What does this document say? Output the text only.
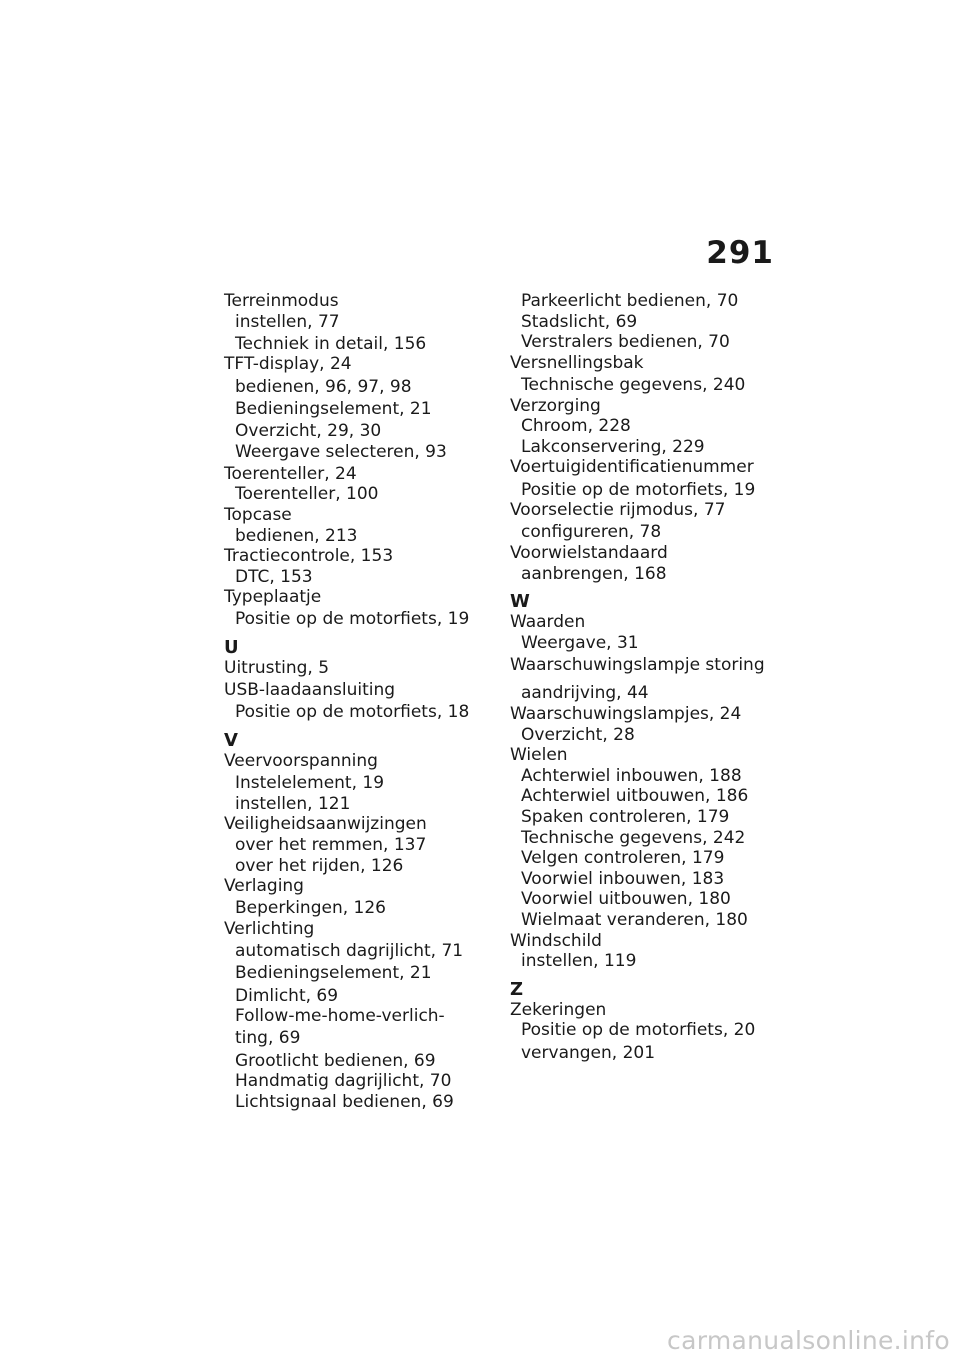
291
Terreinmodus
instellen, 77
Techniek in detail, 156
TFT-display, 24
bedienen, 96, 97, 98
Bedieningselement, 21
Overzicht, 29, 30
Weergave selecteren, 93
Toerenteller, 24
Toerenteller, 100
Topcase
bedienen, 213
Tractiecontrole, 153
DTC, 153
Typeplaatje
Positie op de motorfiets, 19
U
Uitrusting, 5
USB-laadaansluiting
Positie op de motorfiets, 18
V
Veervoorspanning
Instelelement, 19
instellen, 121
Veiligheidsaanwijzingen
over het remmen, 137
over het rijden, 126
Verlaging
Beperkingen, 126
Verlichting
automatisch dagrijlicht, 71
Bedieningselement, 21
Dimlicht, 69
Follow-me-home-verlich-
ting, 69
Grootlicht bedienen, 69
Handmatig dagrijlicht, 70
Lichtsignaal bedienen, 69
Parkeerlicht bedienen, 70
Stadslicht, 69
Verstralers bedienen, 70
Versnellingsbak
Technische gegevens, 240
Verzorging
Chroom, 228
Lakconservering, 229
Voertuigidentificatienummer
Positie op de motorfiets, 19
Voorselectie rijmodus, 77
configureren, 78
Voorwielstandaard
aanbrengen, 168
W
Waarden
Weergave, 31
Waarschuwingslampje storing
aandrijving, 44
Waarschuwingslampjes, 24
Overzicht, 28
Wielen
Achterwiel inbouwen, 188
Achterwiel uitbouwen, 186
Spaken controleren, 179
Technische gegevens, 242
Velgen controleren, 179
Voorwiel inbouwen, 183
Voorwiel uitbouwen, 180
Wielmaat veranderen, 180
Windschild
instellen, 119
Z
Zekeringen
Positie op de motorfiets, 20
vervangen, 201
carmanualsonline.info
